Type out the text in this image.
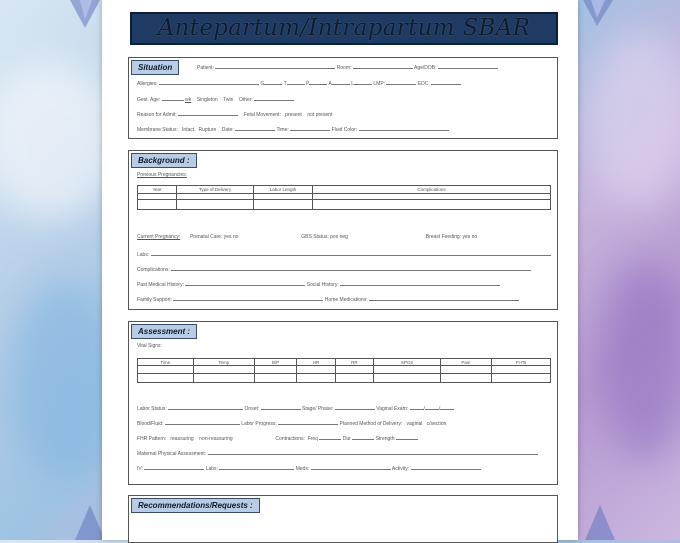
Antepartum/Intrapartum SBAR
Situation	Patient:	Room:	Age/DOB:
Allergies:	G	T	P	A	L	LMP:	EDC:
Gest. Age:	wk Singleton Twin Other:
Reason for Admit:	Fetal Movement: present not present
Membrane Status: Intact Rupture Date:	Time:	Fluid Color:
Background :
Previous Pregnancies:
Year	Type of Delivery	Labor Length	Complications

Current Pregnancy: Prenatal Care: yes no	GBS Status: pos neg	Breast Feeding: yes no
Labs:
Complications:
Past Medical History:	Social History:
Family Support:	Home Medications:
Assessment :
Vital Signs:
Time	Temp	B/P	HR	RR	SPO2	Pain	FHTs

Labor Status:	Onset:	Stage/ Phase:	Vaginal Exam:	/	/
Blood/Fluid:	Labor Progress:	Planned Method of Delivery: vaginal c/section
FHR Pattern: reassuring non-reassuring	Contractions: Freq	Dur	Strength
Maternal Physical Assessment:
IV:	Labs:	Meds:	Activity:
Recommendations/Requests :
